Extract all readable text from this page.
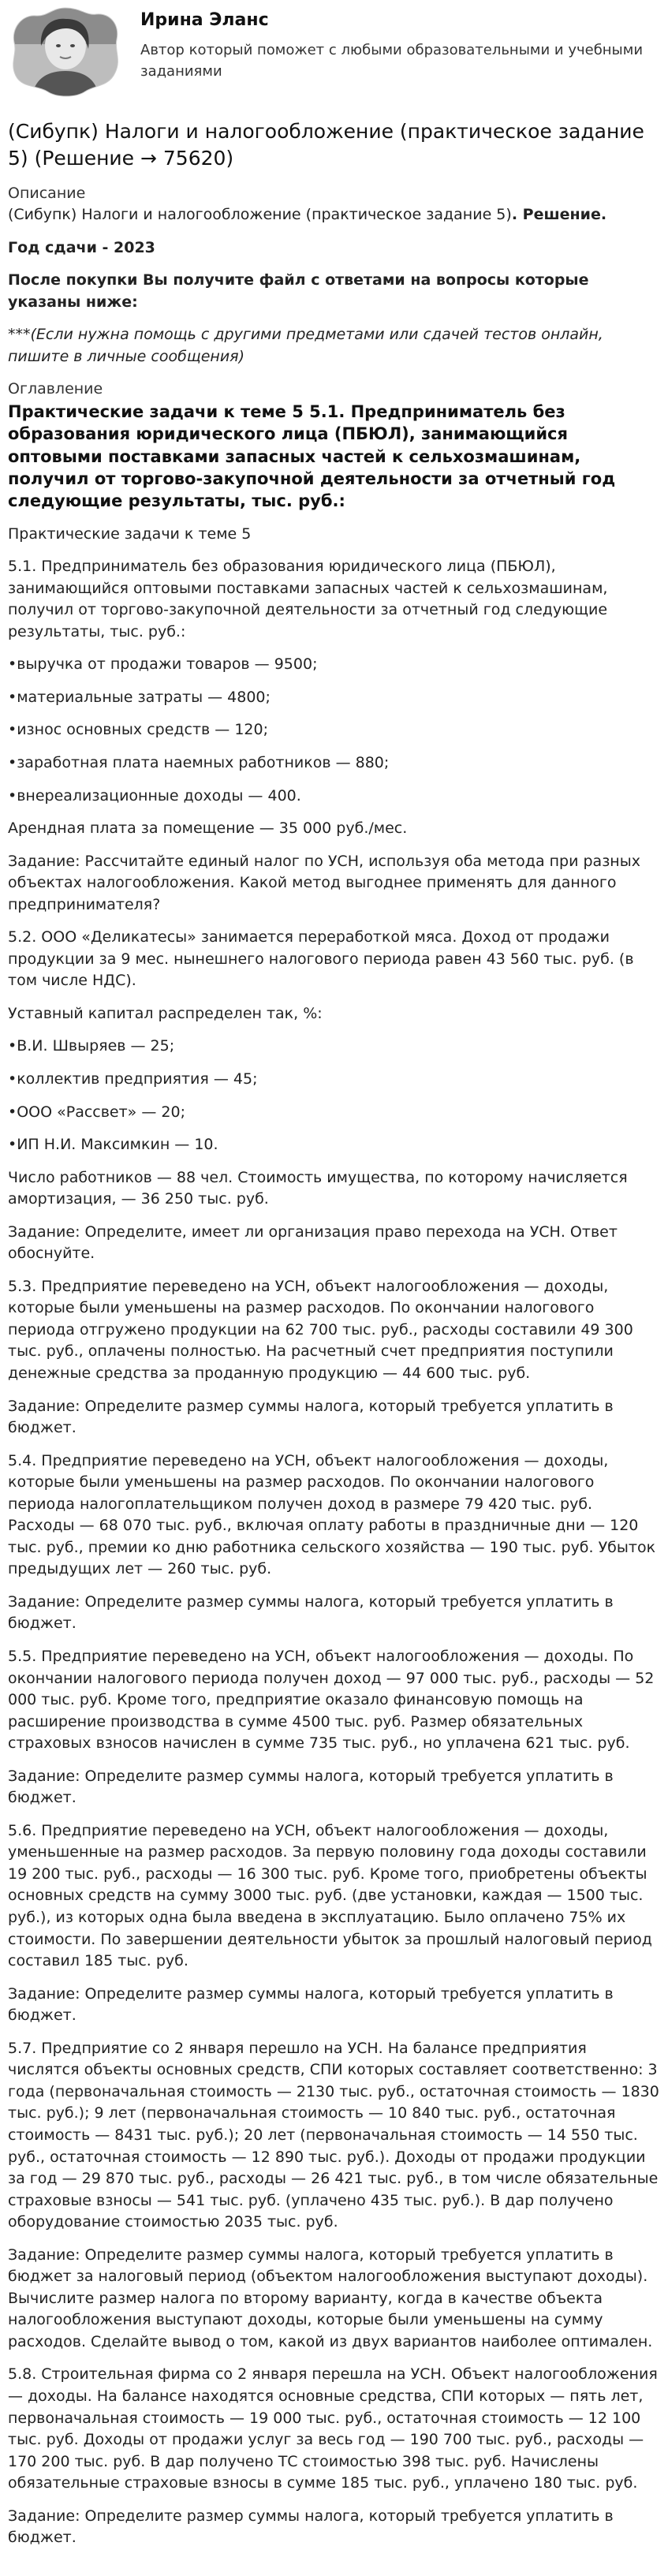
Ирина Эланс
Автор который поможет с любыми образовательными и учебными заданиями
(Сибупк) Налоги и налогообложение (практическое задание 5) (Решение → 75620)
Описание
(Сибупк) Налоги и налогообложение (практическое задание 5). Решение.
Год сдачи - 2023
После покупки Вы получите файл с ответами на вопросы которые указаны ниже:
***(Если нужна помощь с другими предметами или сдачей тестов онлайн, пишите в личные сообщения)
Оглавление
Практические задачи к теме 5 5.1. Предприниматель без образования юридического лица (ПБЮЛ), занимающийся оптовыми поставками запасных частей к сельхозмашинам, получил от торгово-закупочной деятельности за отчетный год следующие результаты, тыс. руб.:
Практические задачи к теме 5
5.1. Предприниматель без образования юридического лица (ПБЮЛ), занимающийся оптовыми поставками запасных частей к сельхозмашинам, получил от торгово-закупочной деятельности за отчетный год следующие результаты, тыс. руб.:
•выручка от продажи товаров — 9500;
•материальные затраты — 4800;
•износ основных средств — 120;
•заработная плата наемных работников — 880;
•внереализационные доходы — 400.
Арендная плата за помещение — 35 000 руб./мес.
Задание: Рассчитайте единый налог по УСН, используя оба метода при разных объектах налогообложения. Какой метод выгоднее применять для данного предпринимателя?
5.2. ООО «Деликатесы» занимается переработкой мяса. Доход от продажи продукции за 9 мес. нынешнего налогового периода равен 43 560 тыс. руб. (в том числе НДС).
Уставный капитал распределен так, %:
•В.И. Швыряев — 25;
•коллектив предприятия — 45;
•ООО «Рассвет» — 20;
•ИП Н.И. Максимкин — 10.
Число работников — 88 чел. Стоимость имущества, по которому начисляется амортизация, — 36 250 тыс. руб.
Задание: Определите, имеет ли организация право перехода на УСН. Ответ обоснуйте.
5.3. Предприятие переведено на УСН, объект налогообложения — доходы, которые были уменьшены на размер расходов. По окончании налогового периода отгружено продукции на 62 700 тыс. руб., расходы составили 49 300 тыс. руб., оплачены полностью. На расчетный счет предприятия поступили денежные средства за проданную продукцию — 44 600 тыс. руб.
Задание: Определите размер суммы налога, который требуется уплатить в бюджет.
5.4. Предприятие переведено на УСН, объект налогообложения — доходы, которые были уменьшены на размер расходов. По окончании налогового периода налогоплательщиком получен доход в размере 79 420 тыс. руб. Расходы — 68 070 тыс. руб., включая оплату работы в праздничные дни — 120 тыс. руб., премии ко дню работника сельского хозяйства — 190 тыс. руб. Убыток предыдущих лет — 260 тыс. руб.
Задание: Определите размер суммы налога, который требуется уплатить в бюджет.
5.5. Предприятие переведено на УСН, объект налогообложения — доходы. По окончании налогового периода получен доход — 97 000 тыс. руб., расходы — 52 000 тыс. руб. Кроме того, предприятие оказало финансовую помощь на расширение производства в сумме 4500 тыс. руб. Размер обязательных страховых взносов начислен в сумме 735 тыс. руб., но уплачена 621 тыс. руб.
Задание: Определите размер суммы налога, который требуется уплатить в бюджет.
5.6. Предприятие переведено на УСН, объект налогообложения — доходы, уменьшенные на размер расходов. За первую половину года доходы составили 19 200 тыс. руб., расходы — 16 300 тыс. руб. Кроме того, приобретены объекты основных средств на сумму 3000 тыс. руб. (две установки, каждая — 1500 тыс. руб.), из которых одна была введена в эксплуатацию. Было оплачено 75% их стоимости. По завершении деятельности убыток за прошлый налоговый период составил 185 тыс. руб.
Задание: Определите размер суммы налога, который требуется уплатить в бюджет.
5.7. Предприятие со 2 января перешло на УСН. На балансе предприятия числятся объекты основных средств, СПИ которых составляет соответственно: 3 года (первоначальная стоимость — 2130 тыс. руб., остаточная стоимость — 1830 тыс. руб.); 9 лет (первоначальная стоимость — 10 840 тыс. руб., остаточная стоимость — 8431 тыс. руб.); 20 лет (первоначальная стоимость — 14 550 тыс. руб., остаточная стоимость — 12 890 тыс. руб.). Доходы от продажи продукции за год — 29 870 тыс. руб., расходы — 26 421 тыс. руб., в том числе обязательные страховые взносы — 541 тыс. руб. (уплачено 435 тыс. руб.). В дар получено оборудование стоимостью 2035 тыс. руб.
Задание: Определите размер суммы налога, который требуется уплатить в бюджет за налоговый период (объектом налогообложения выступают доходы). Вычислите размер налога по второму варианту, когда в качестве объекта налогообложения выступают доходы, которые были уменьшены на сумму расходов. Сделайте вывод о том, какой из двух вариантов наиболее оптимален.
5.8. Строительная фирма со 2 января перешла на УСН. Объект налогообложения — доходы. На балансе находятся основные средства, СПИ которых — пять лет, первоначальная стоимость — 19 000 тыс. руб., остаточная стоимость — 12 100 тыс. руб. Доходы от продажи услуг за весь год — 190 700 тыс. руб., расходы — 170 200 тыс. руб. В дар получено ТС стоимостью 398 тыс. руб. Начислены обязательные страховые взносы в сумме 185 тыс. руб., уплачено 180 тыс. руб.
Задание: Определите размер суммы налога, который требуется уплатить в бюджет.
